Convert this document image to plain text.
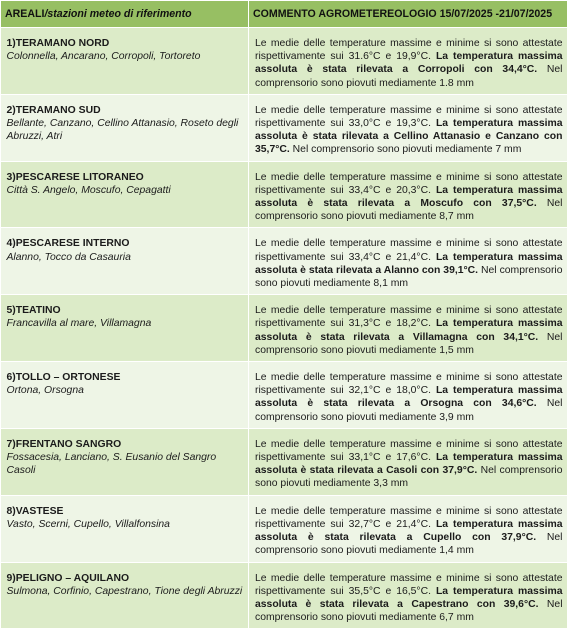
AREALI/stazioni meteo di riferimento	COMMENTO AGROMETEREOLOGIO 15/07/2025 -21/07/2025

1)TERAMANO NORD
Colonnella, Ancarano, Corropoli, Tortoreto	Le medie delle temperature massime e minime si sono attestate rispettivamente sui 31.6°C e 19,9°C. La temperatura massima assoluta è stata rilevata a Corropoli con 34,4°C. Nel comprensorio sono piovuti mediamente 1.8 mm

2)TERAMANO SUD
Bellante, Canzano, Cellino Attanasio, Roseto degli Abruzzi, Atri	Le medie delle temperature massime e minime si sono attestate rispettivamente sui 33,0°C e 19,3°C. La temperatura massima assoluta è stata rilevata a Cellino Attanasio e Canzano con 35,7°C. Nel comprensorio sono piovuti mediamente 7 mm

3)PESCARESE LITORANEO
Città S. Angelo, Moscufo, Cepagatti	Le medie delle temperature massime e minime si sono attestate rispettivamente sui 33,4°C e 20,3°C. La temperatura massima assoluta è stata rilevata a Moscufo con 37,5°C. Nel comprensorio sono piovuti mediamente 8,7 mm

4)PESCARESE INTERNO
Alanno, Tocco da Casauria	Le medie delle temperature massime e minime si sono attestate rispettivamente sui 33,4°C e 21,4°C. La temperatura massima assoluta è stata rilevata a Alanno con 39,1°C. Nel comprensorio sono piovuti mediamente 8,1 mm

5)TEATINO
Francavilla al mare, Villamagna	Le medie delle temperature massime e minime si sono attestate rispettivamente sui 31,3°C e 18,2°C. La temperatura massima assoluta è stata rilevata a Villamagna con 34,1°C. Nel comprensorio sono piovuti mediamente 1,5 mm

6)TOLLO – ORTONESE
Ortona, Orsogna	Le medie delle temperature massime e minime si sono attestate rispettivamente sui 32,1°C e 18,0°C. La temperatura massima assoluta è stata rilevata a Orsogna con 34,6°C. Nel comprensorio sono piovuti mediamente 3,9 mm

7)FRENTANO SANGRO
Fossacesia, Lanciano, S. Eusanio del Sangro Casoli	Le medie delle temperature massime e minime si sono attestate rispettivamente sui 33,1°C e 17,6°C. La temperatura massima assoluta è stata rilevata a Casoli con 37,9°C. Nel comprensorio sono piovuti mediamente 3,3 mm

8)VASTESE
Vasto, Scerni, Cupello, Villalfonsina	Le medie delle temperature massime e minime si sono attestate rispettivamente sui 32,7°C e 21,4°C. La temperatura massima assoluta è stata rilevata a Cupello con 37,9°C. Nel comprensorio sono piovuti mediamente 1,4 mm

9)PELIGNO – AQUILANO
Sulmona, Corfinio, Capestrano, Tione degli Abruzzi	Le medie delle temperature massime e minime si sono attestate rispettivamente sui 35,5°C e 16,5°C. La temperatura massima assoluta è stata rilevata a Capestrano con 39,6°C. Nel comprensorio sono piovuti mediamente 6,7 mm
